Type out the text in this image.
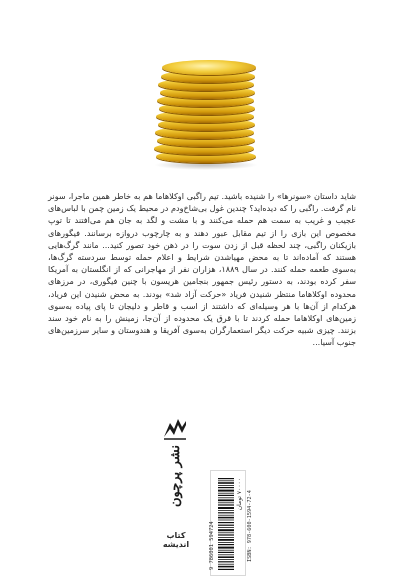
شاید داستان «سونرها» را شنیده باشید. تیم راگبی اوکلاهاما هم به خاطر همین ماجرا، سونر نام گرفت. راگبی را که دیده‌اید؟ چندین غول بی‌شاخ‌ودم در محیط یک زمین چمن با لباس‌های عجیب و غریب به سمت هم حمله می‌کنند و با مشت و لگد به جان هم می‌افتند تا توپ مخصوص این بازی را از تیم مقابل عبور دهند و به چارچوب دروازه برسانند. فیگورهای بازیکنان راگبی، چند لحظه قبل از زدن سوت را در ذهن خود تصور کنید... مانند گرگ‌هایی هستند که آماده‌اند تا به محض مهیاشدن شرایط و اعلام حمله توسط سردسته گرگ‌ها، به‌سوی طعمه حمله کنند. در سال ۱۸۸۹، هزاران نفر از مهاجرانی که از انگلستان به آمریکا سفر کرده بودند، به دستور رئیس جمهور بنجامین هریسون با چنین فیگوری، در مرزهای محدوده اوکلاهاما منتظر شنیدن فریاد «حرکت آزاد شد» بودند. به محض شنیدن این فریاد، هرکدام از آن‌ها با هر وسیله‌ای که داشتند از اسب و قاطر و دلیجان تا پای پیاده به‌سوی زمین‌های اوکلاهاما حمله کردند تا با قرق یک محدوده از آن‌جا، زمینش را به نام خود سند بزنند. چیزی شبیه حرکت دیگر استعمارگران به‌سوی آفریقا و هندوستان و سایر سرزمین‌های جنوب آسیا...

نشر پرچون
کتاب اندیشه	ISBN: 978-600-1594-72-4
9 786001 594724
۷۰۰۰۰ تومان
